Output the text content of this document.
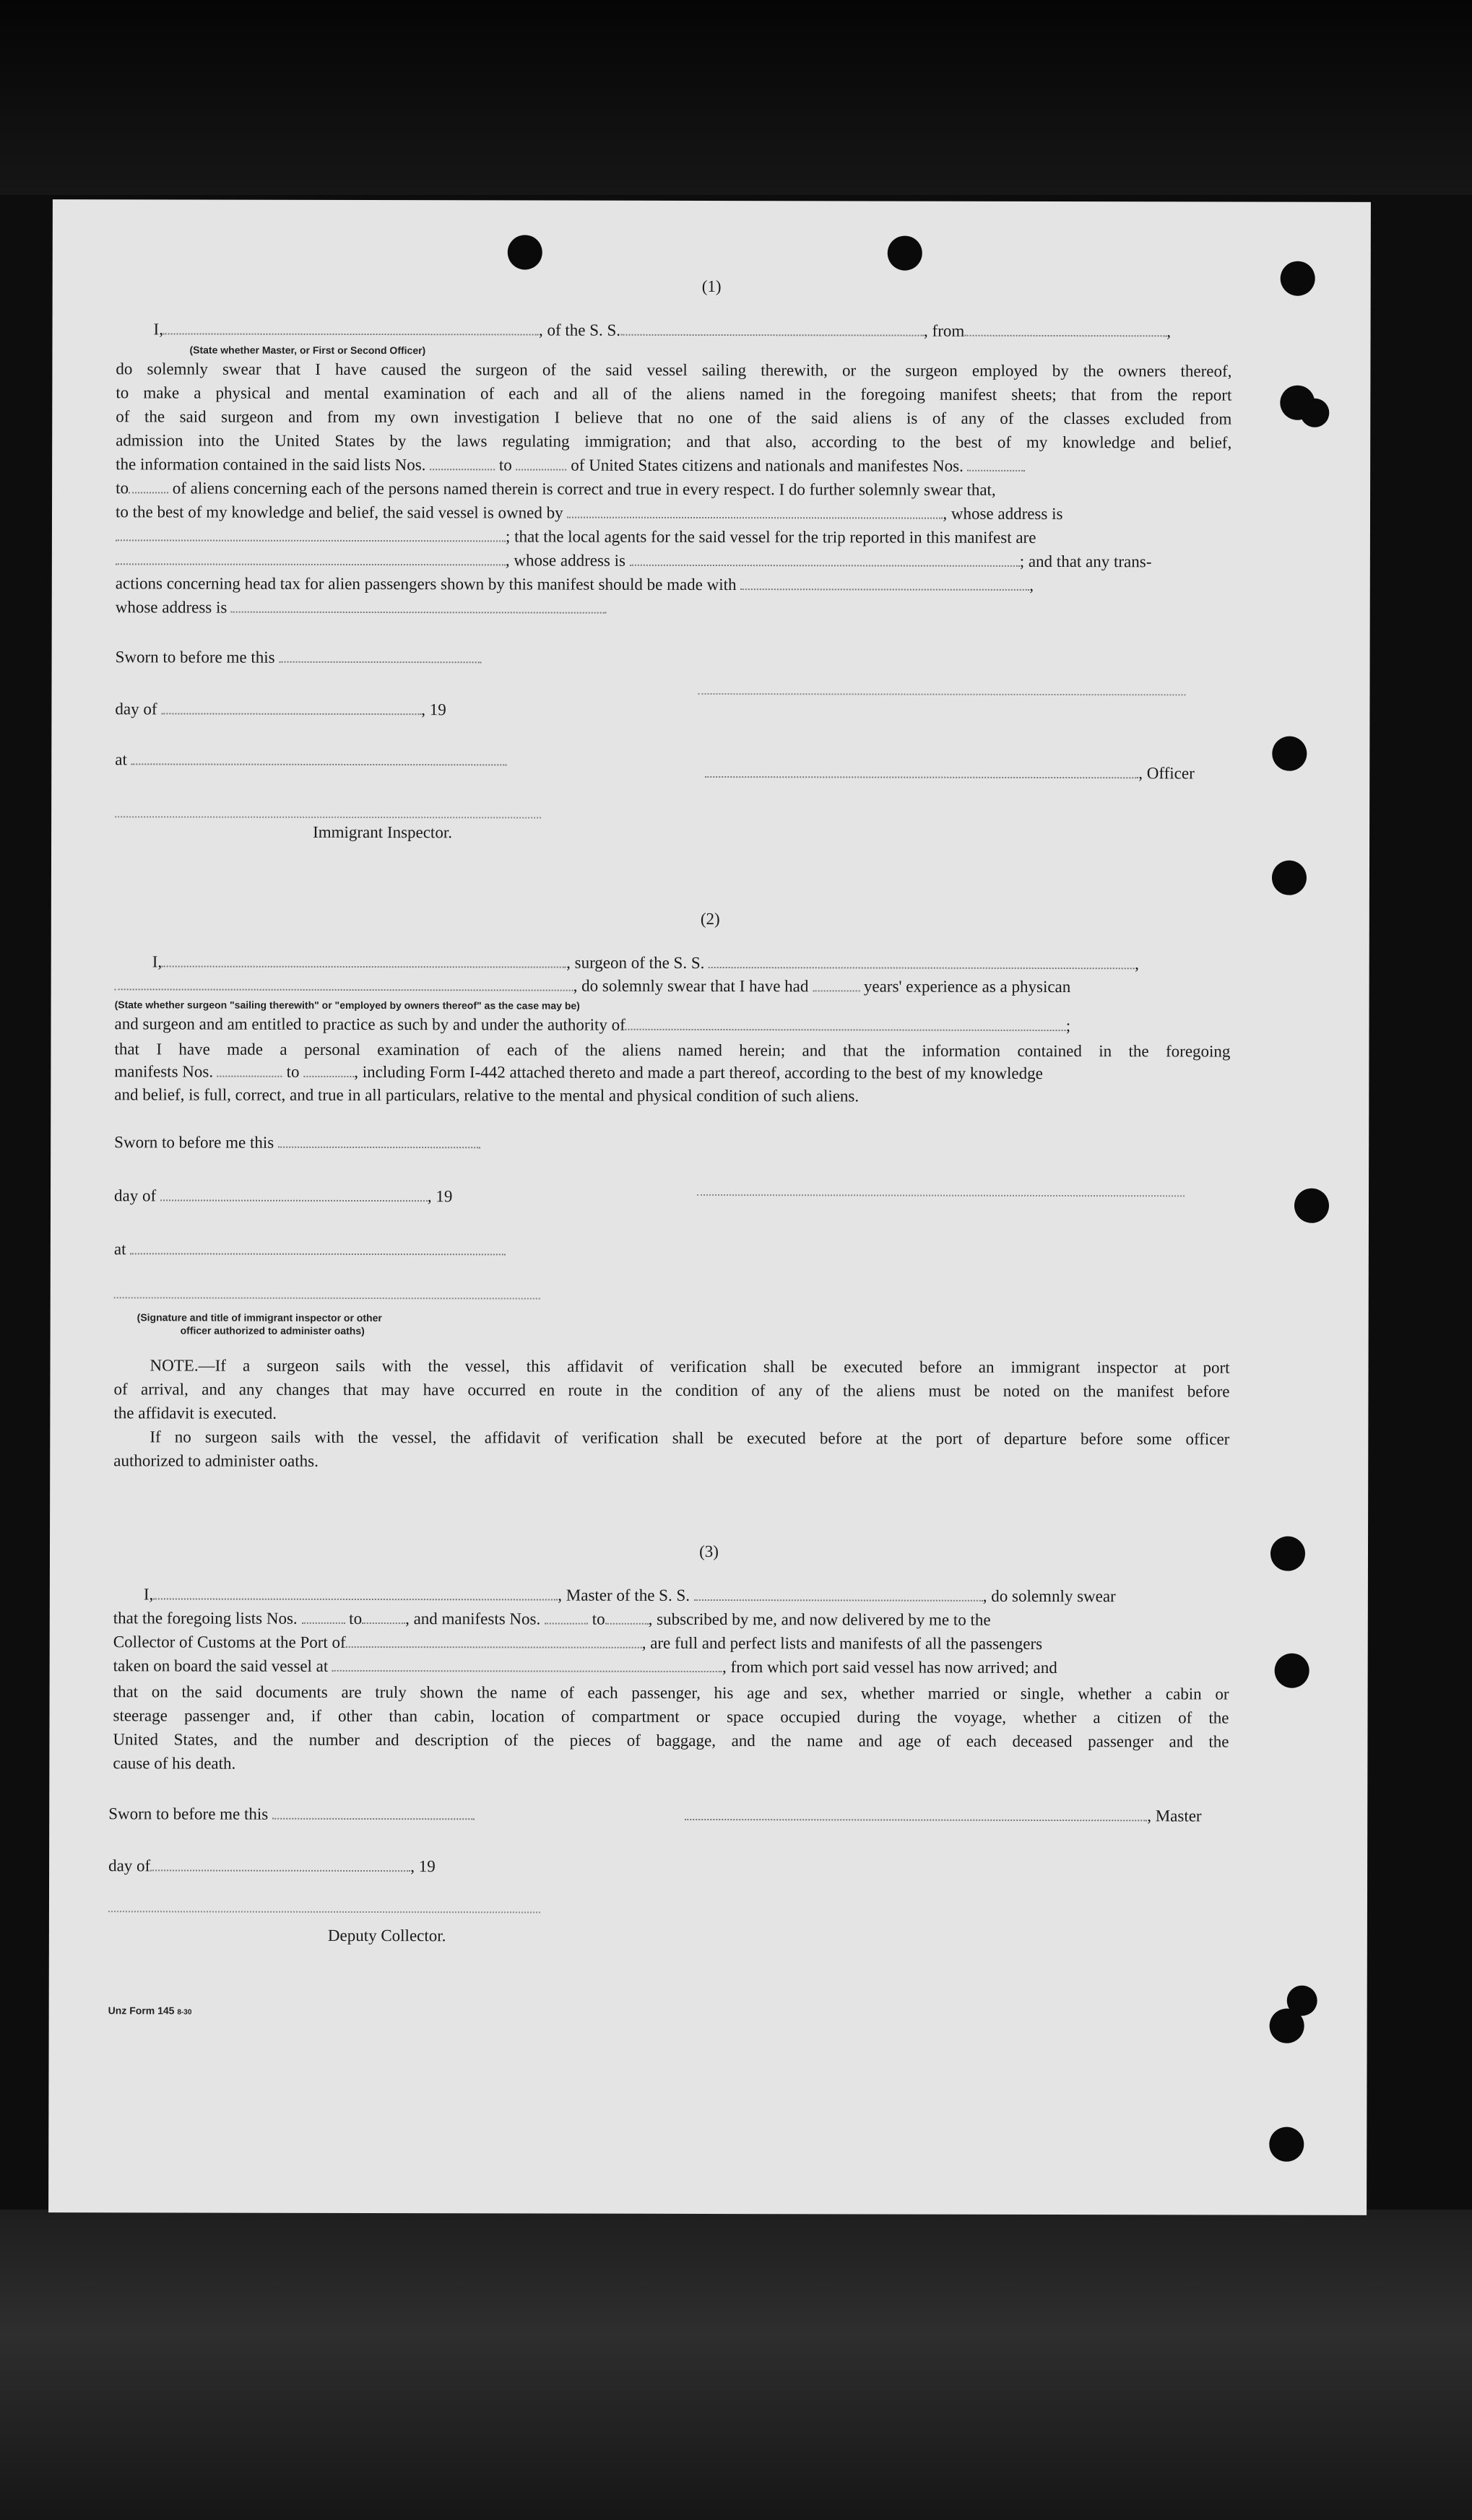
(1)
I,	, of the S. S.	, from	,
(State whether Master, or First or Second Officer)
do solemnly swear that I have caused the surgeon of the said vessel sailing therewith, or the surgeon employed by the owners thereof,
to make a physical and mental examination of each and all of the aliens named in the foregoing manifest sheets; that from the report
of the said surgeon and from my own investigation I believe that no one of the said aliens is of any of the classes excluded from
admission into the United States by the laws regulating immigration; and that also, according to the best of my knowledge and belief,
the information contained in the said lists Nos.	to	of United States citizens and nationals and manifestes Nos.
to	of aliens concerning each of the persons named therein is correct and true in every respect. I do further solemnly swear that,
to the best of my knowledge and belief, the said vessel is owned by	, whose address is
; that the local agents for the said vessel for the trip reported in this manifest are
, whose address is	; and that any trans-
actions concerning head tax for alien passengers shown by this manifest should be made with	,
whose address is
Sworn to before me this
day of	, 19
at
, Officer
Immigrant Inspector.
(2)
I,	, surgeon of the S. S.	,
, do solemnly swear that I have had	years' experience as a physican
(State whether surgeon "sailing therewith" or "employed by owners thereof" as the case may be)
and surgeon and am entitled to practice as such by and under the authority of	;
that I have made a personal examination of each of the aliens named herein; and that the information contained in the foregoing
manifests Nos.	to	, including Form I-442 attached thereto and made a part thereof, according to the best of my knowledge
and belief, is full, correct, and true in all particulars, relative to the mental and physical condition of such aliens.
Sworn to before me this
day of	, 19
at
(Signature and title of immigrant inspector or other
officer authorized to administer oaths)
NOTE.—If a surgeon sails with the vessel, this affidavit of verification shall be executed before an immigrant inspector at port
of arrival, and any changes that may have occurred en route in the condition of any of the aliens must be noted on the manifest before
the affidavit is executed.
If no surgeon sails with the vessel, the affidavit of verification shall be executed before at the port of departure before some officer
authorized to administer oaths.
(3)
I,	, Master of the S. S.	, do solemnly swear
that the foregoing lists Nos.	to	, and manifests Nos.	to	, subscribed by me, and now delivered by me to the
Collector of Customs at the Port of	, are full and perfect lists and manifests of all the passengers
taken on board the said vessel at	, from which port said vessel has now arrived; and
that on the said documents are truly shown the name of each passenger, his age and sex, whether married or single, whether a cabin or
steerage passenger and, if other than cabin, location of compartment or space occupied during the voyage, whether a citizen of the
United States, and the number and description of the pieces of baggage, and the name and age of each deceased passenger and the
cause of his death.
Sworn to before me this	, Master
day of	, 19
Deputy Collector.
Unz Form 145 8-30
